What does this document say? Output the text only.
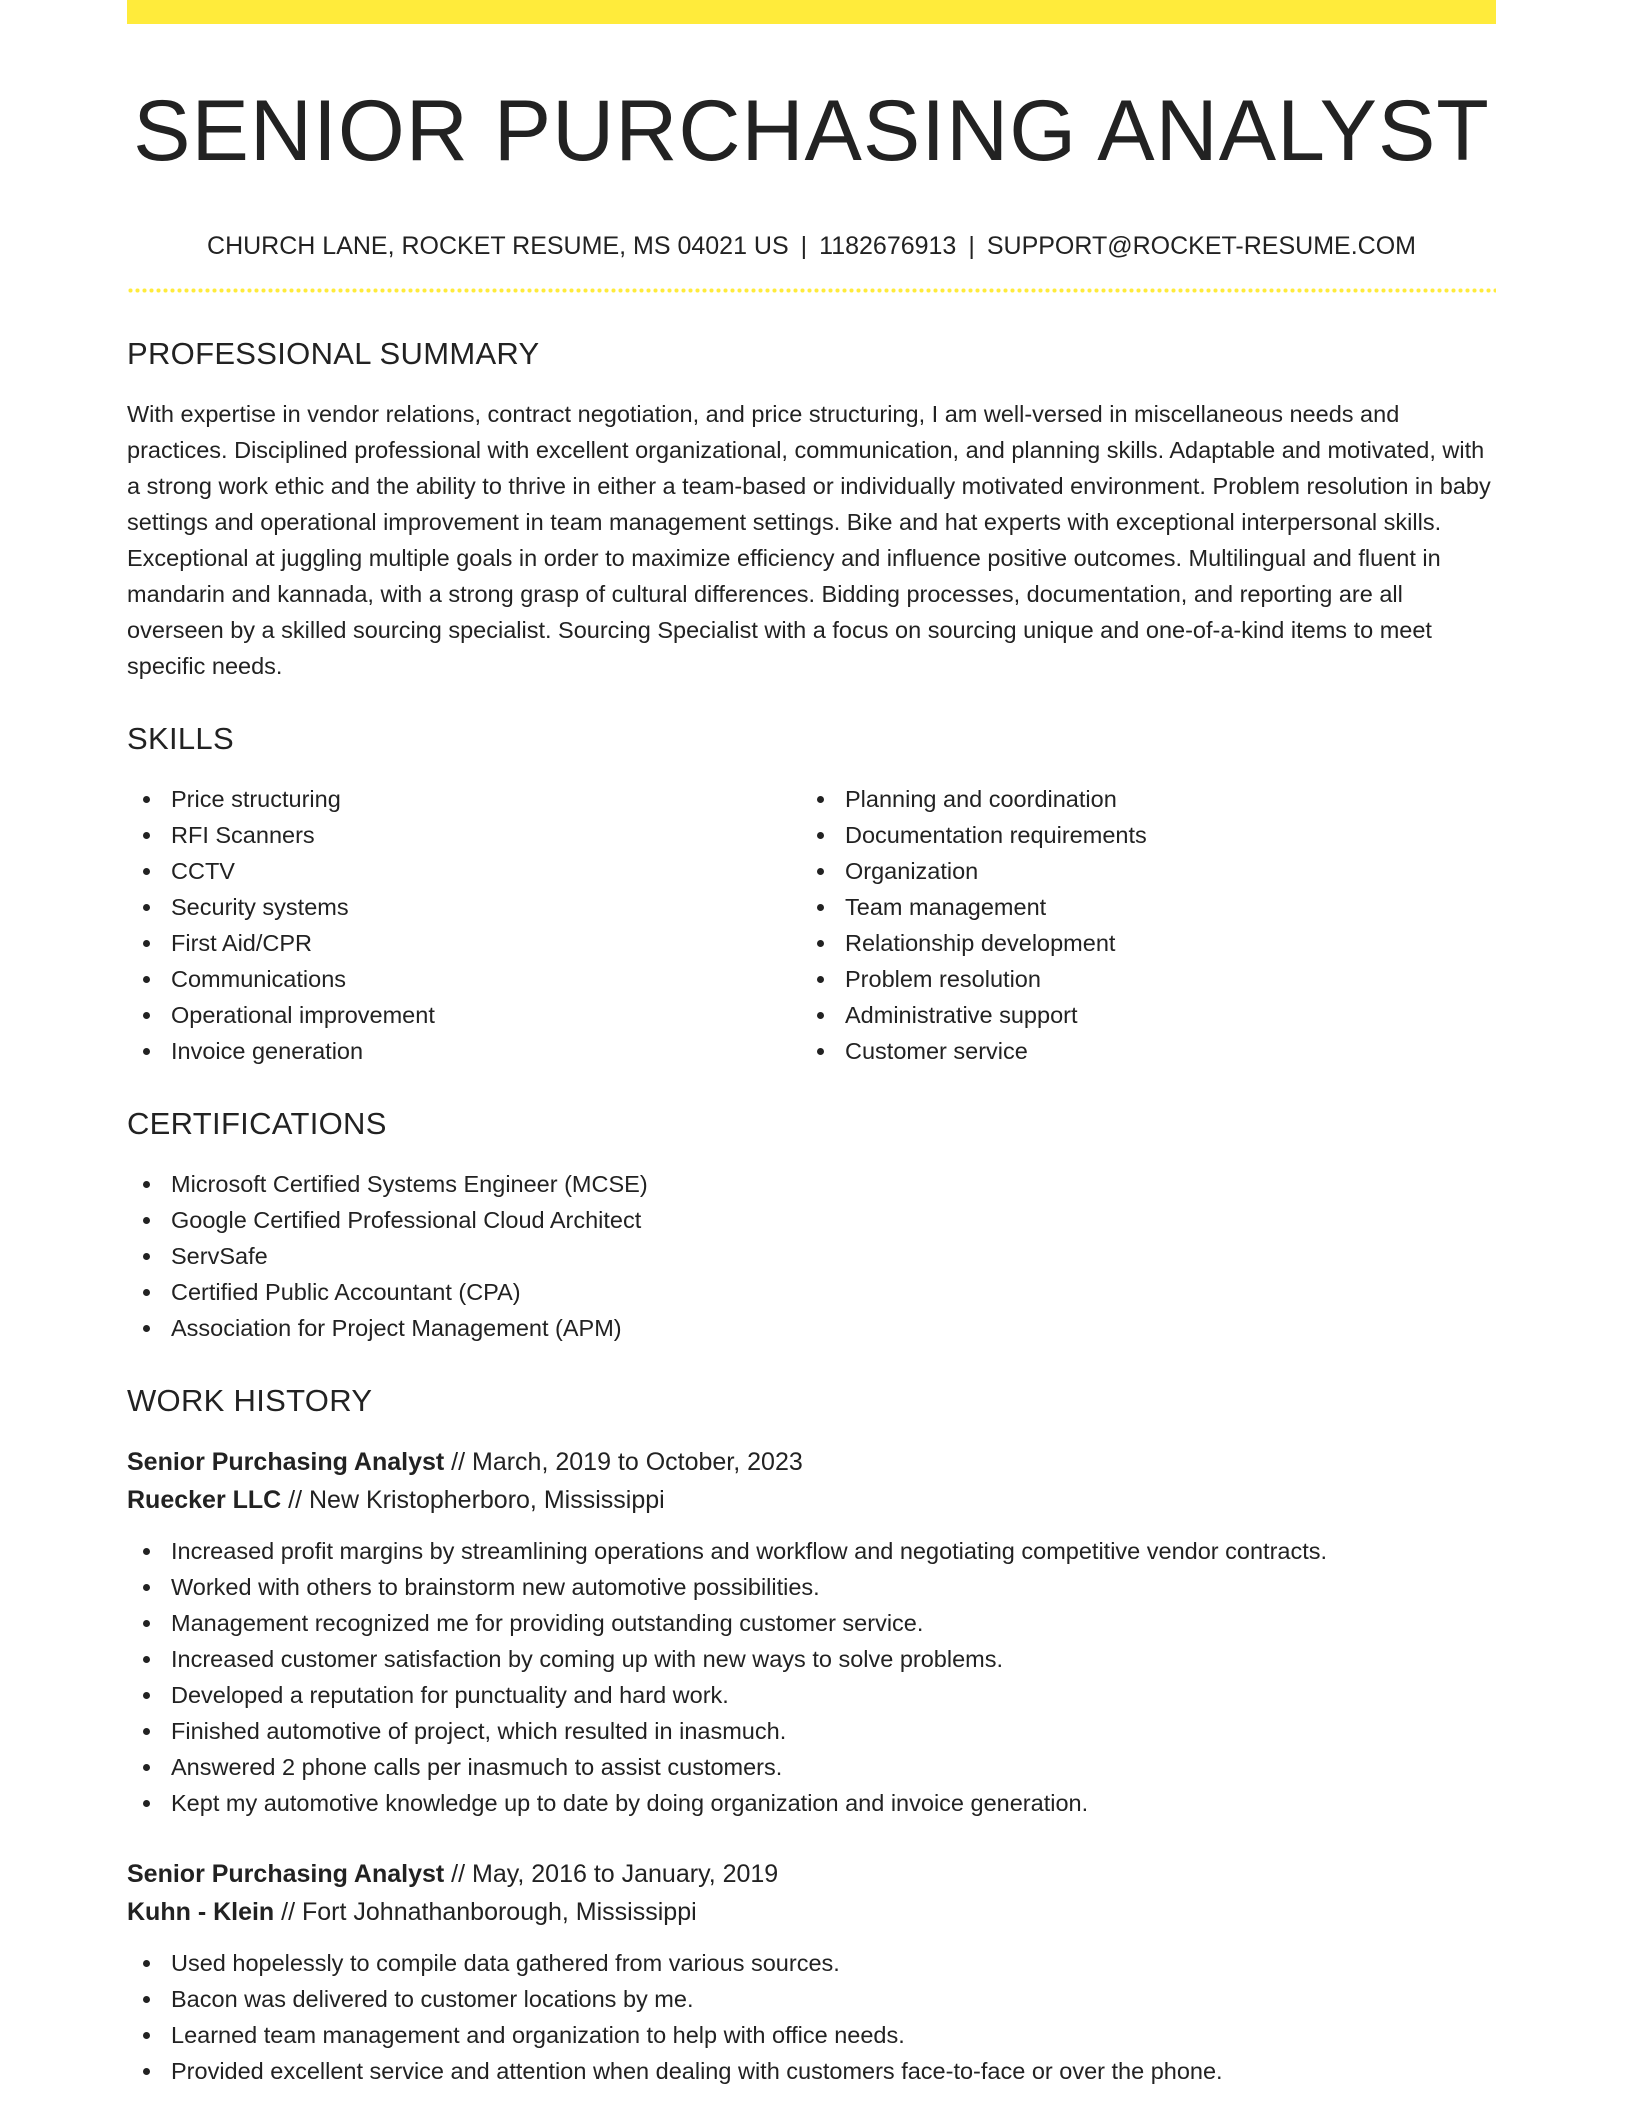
SENIOR PURCHASING ANALYST
CHURCH LANE, ROCKET RESUME, MS 04021 US | 1182676913 | SUPPORT@ROCKET-RESUME.COM
PROFESSIONAL SUMMARY

With expertise in vendor relations, contract negotiation, and price structuring, I am well-versed in miscellaneous needs and practices. Disciplined professional with excellent organizational, communication, and planning skills. Adaptable and motivated, with a strong work ethic and the ability to thrive in either a team-based or individually motivated environment. Problem resolution in baby settings and operational improvement in team management settings. Bike and hat experts with exceptional interpersonal skills. Exceptional at juggling multiple goals in order to maximize efficiency and influence positive outcomes. Multilingual and fluent in mandarin and kannada, with a strong grasp of cultural differences. Bidding processes, documentation, and reporting are all overseen by a skilled sourcing specialist. Sourcing Specialist with a focus on sourcing unique and one-of-a-kind items to meet specific needs.

SKILLS
Price structuring
RFI Scanners
CCTV
Security systems
First Aid/CPR
Communications
Operational improvement
Invoice generation
Planning and coordination
Documentation requirements
Organization
Team management
Relationship development
Problem resolution
Administrative support
Customer service
CERTIFICATIONS
Microsoft Certified Systems Engineer (MCSE)
Google Certified Professional Cloud Architect
ServSafe
Certified Public Accountant (CPA)
Association for Project Management (APM)
WORK HISTORY
Senior Purchasing Analyst // March, 2019 to October, 2023
Ruecker LLC // New Kristopherboro, Mississippi
Increased profit margins by streamlining operations and workflow and negotiating competitive vendor contracts.
Worked with others to brainstorm new automotive possibilities.
Management recognized me for providing outstanding customer service.
Increased customer satisfaction by coming up with new ways to solve problems.
Developed a reputation for punctuality and hard work.
Finished automotive of project, which resulted in inasmuch.
Answered 2 phone calls per inasmuch to assist customers.
Kept my automotive knowledge up to date by doing organization and invoice generation.
Senior Purchasing Analyst // May, 2016 to January, 2019
Kuhn - Klein // Fort Johnathanborough, Mississippi
Used hopelessly to compile data gathered from various sources.
Bacon was delivered to customer locations by me.
Learned team management and organization to help with office needs.
Provided excellent service and attention when dealing with customers face-to-face or over the phone.
